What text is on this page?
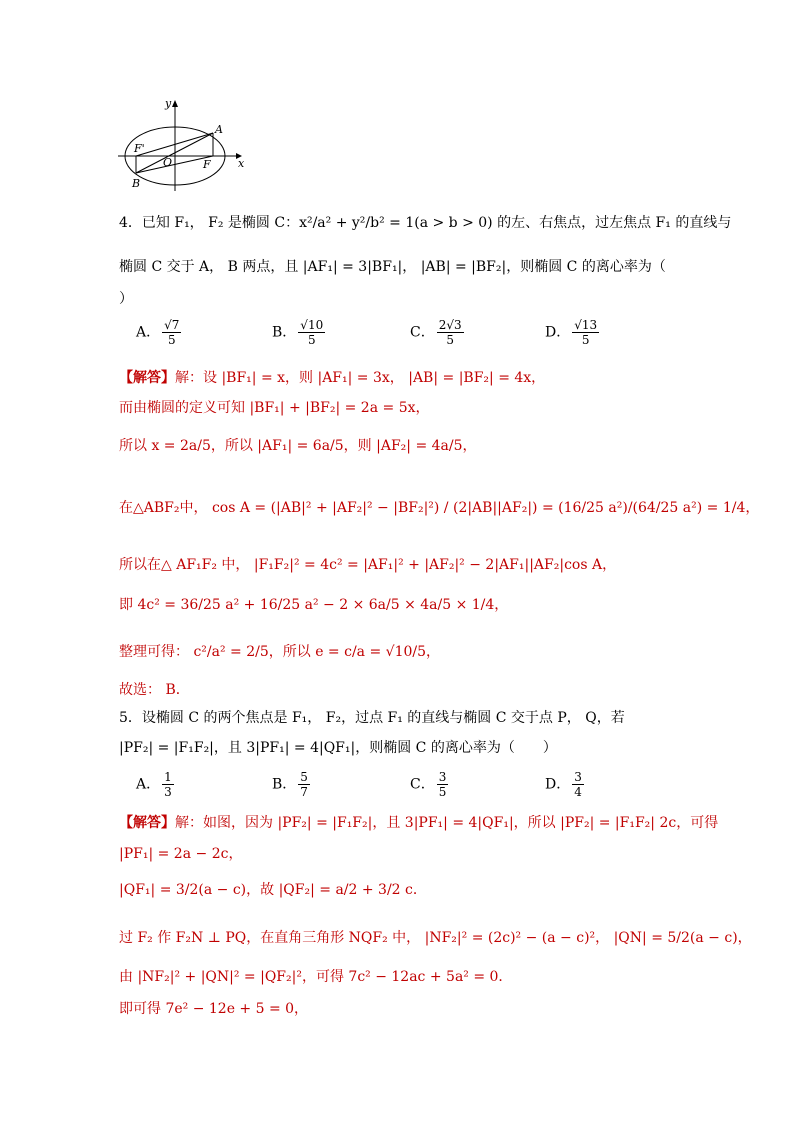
y
x
A
B
O	F
F'
4．已知 F₁， F₂ 是椭圆 C：x²/a² + y²/b² = 1(a > b > 0) 的左、右焦点，过左焦点 F₁ 的直线与
椭圆 C 交于 A， B 两点，且 |AF₁| = 3|BF₁|， |AB| = |BF₂|，则椭圆 C 的离心率为（
）
A． $\frac{√7}{5}$	B． $\frac{√10}{5}$	C． $\frac{2√3}{5}$	D． $\frac{√13}{5}$
【解答】解：设 |BF₁| = x，则 |AF₁| = 3x， |AB| = |BF₂| = 4x，
而由椭圆的定义可知 |BF₁| + |BF₂| = 2a = 5x，
所以 x = 2a/5，所以 |AF₁| = 6a/5，则 |AF₂| = 4a/5，
在△ABF₂中， cos A = (|AB|² + |AF₂|² − |BF₂|²) / (2|AB||AF₂|) = (16/25 a²)/(64/25 a²) = 1/4，
所以在△ AF₁F₂ 中， |F₁F₂|² = 4c² = |AF₁|² + |AF₂|² − 2|AF₁||AF₂|cos A，
即 4c² = 36/25 a² + 16/25 a² − 2 × 6a/5 × 4a/5 × 1/4，
整理可得： c²/a² = 2/5，所以 e = c/a = √10/5，
故选： B．
5．设椭圆 C 的两个焦点是 F₁， F₂，过点 F₁ 的直线与椭圆 C 交于点 P， Q，若
|PF₂| = |F₁F₂|，且 3|PF₁| = 4|QF₁|，则椭圆 C 的离心率为（　　）
A． $\frac{1}{3}$	B． $\frac{5}{7}$	C． $\frac{3}{5}$	D． $\frac{3}{4}$
【解答】解：如图，因为 |PF₂| = |F₁F₂|，且 3|PF₁| = 4|QF₁|，所以 |PF₂| = |F₁F₂| 2c，可得
|PF₁| = 2a − 2c，
|QF₁| = 3/2(a − c)，故 |QF₂| = a/2 + 3/2 c．
过 F₂ 作 F₂N ⊥ PQ，在直角三角形 NQF₂ 中， |NF₂|² = (2c)² − (a − c)²， |QN| = 5/2(a − c)，
由 |NF₂|² + |QN|² = |QF₂|²，可得 7c² − 12ac + 5a² = 0．
即可得 7e² − 12e + 5 = 0，
